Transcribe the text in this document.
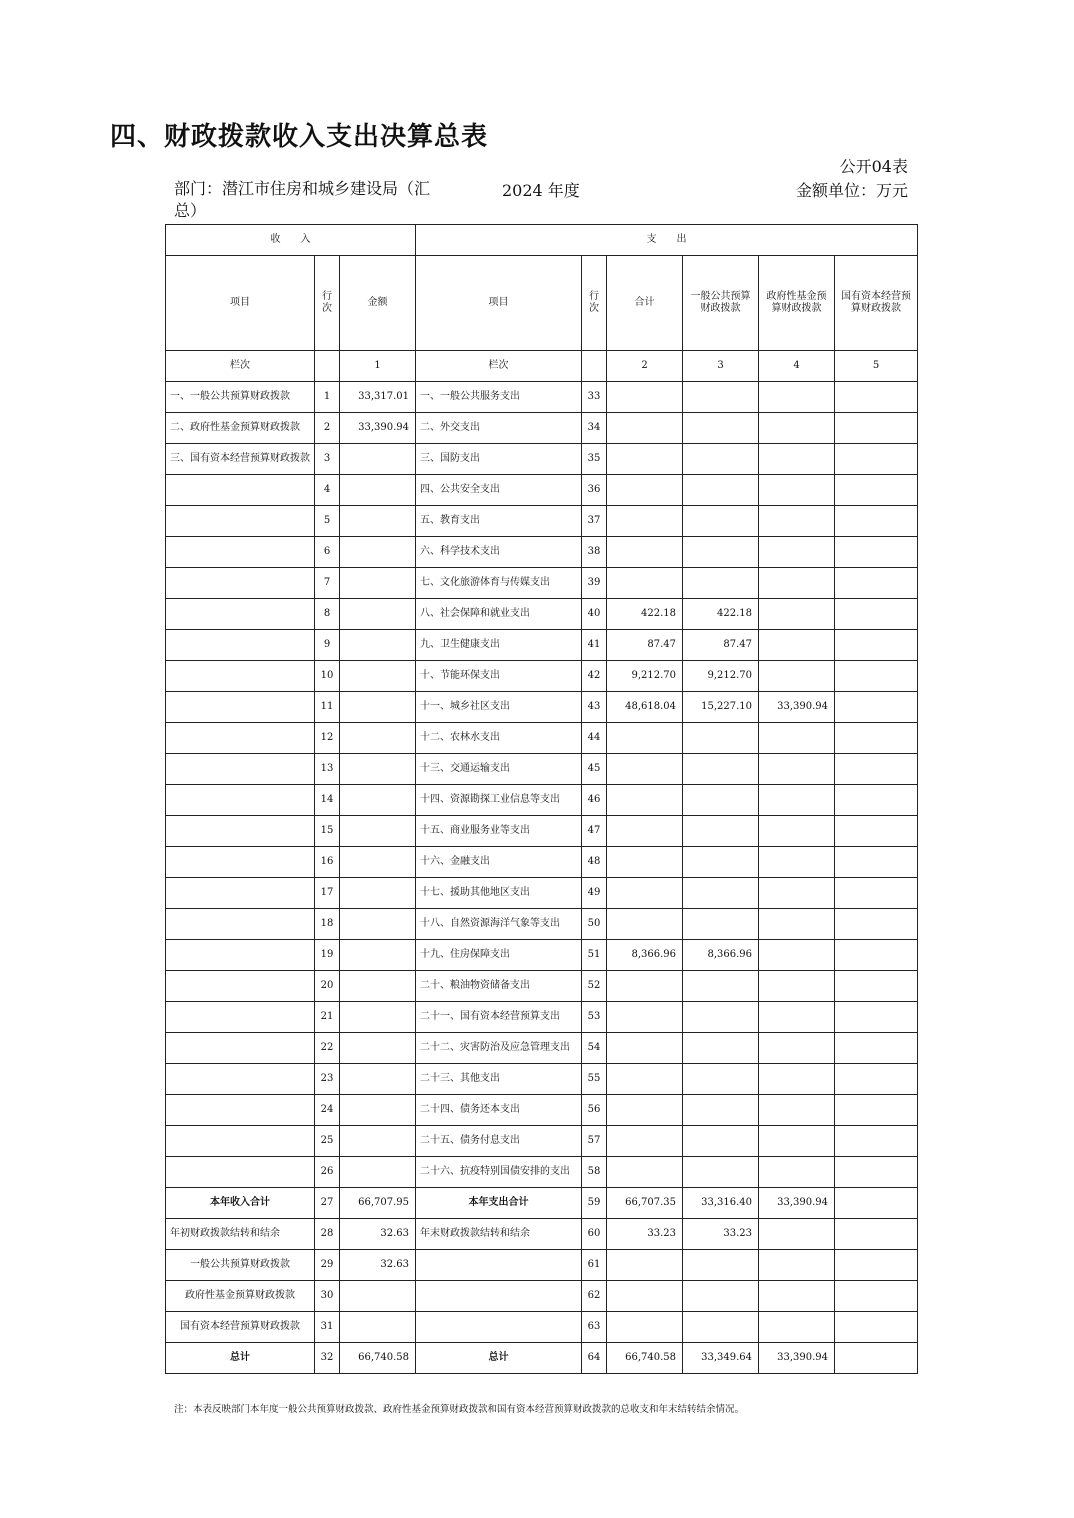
四、财政拨款收入支出决算总表
公开04表
部门：潜江市住房和城乡建设局（汇总）
2024 年度	金额单位：万元
收　　入			支　　出					
项目	行次	金额	项目	行次	合计	一般公共预算财政拨款	政府性基金预算财政拨款	国有资本经营预算财政拨款
栏次		1	栏次		2	3	4	5
一、一般公共预算财政拨款	1	33,317.01	一、一般公共服务支出	33				
二、政府性基金预算财政拨款	2	33,390.94	二、外交支出	34				
三、国有资本经营预算财政拨款	3		三、国防支出	35				
	4		四、公共安全支出	36				
	5		五、教育支出	37				
	6		六、科学技术支出	38				
	7		七、文化旅游体育与传媒支出	39				
	8		八、社会保障和就业支出	40	422.18	422.18		
	9		九、卫生健康支出	41	87.47	87.47		
	10		十、节能环保支出	42	9,212.70	9,212.70		
	11		十一、城乡社区支出	43	48,618.04	15,227.10	33,390.94	
	12		十二、农林水支出	44				
	13		十三、交通运输支出	45				
	14		十四、资源勘探工业信息等支出	46				
	15		十五、商业服务业等支出	47				
	16		十六、金融支出	48				
	17		十七、援助其他地区支出	49				
	18		十八、自然资源海洋气象等支出	50				
	19		十九、住房保障支出	51	8,366.96	8,366.96		
	20		二十、粮油物资储备支出	52				
	21		二十一、国有资本经营预算支出	53				
	22		二十二、灾害防治及应急管理支出	54				
	23		二十三、其他支出	55				
	24		二十四、债务还本支出	56				
	25		二十五、债务付息支出	57				
	26		二十六、抗疫特别国债安排的支出	58				
本年收入合计	27	66,707.95	本年支出合计	59	66,707.35	33,316.40	33,390.94	
年初财政拨款结转和结余	28	32.63	年末财政拨款结转和结余	60	33.23	33.23		
一般公共预算财政拨款	29	32.63		61				
政府性基金预算财政拨款	30			62				
国有资本经营预算财政拨款	31			63				
总计	32	66,740.58	总计	64	66,740.58	33,349.64	33,390.94	
注：本表反映部门本年度一般公共预算财政拨款、政府性基金预算财政拨款和国有资本经营预算财政拨款的总收支和年末结转结余情况。
